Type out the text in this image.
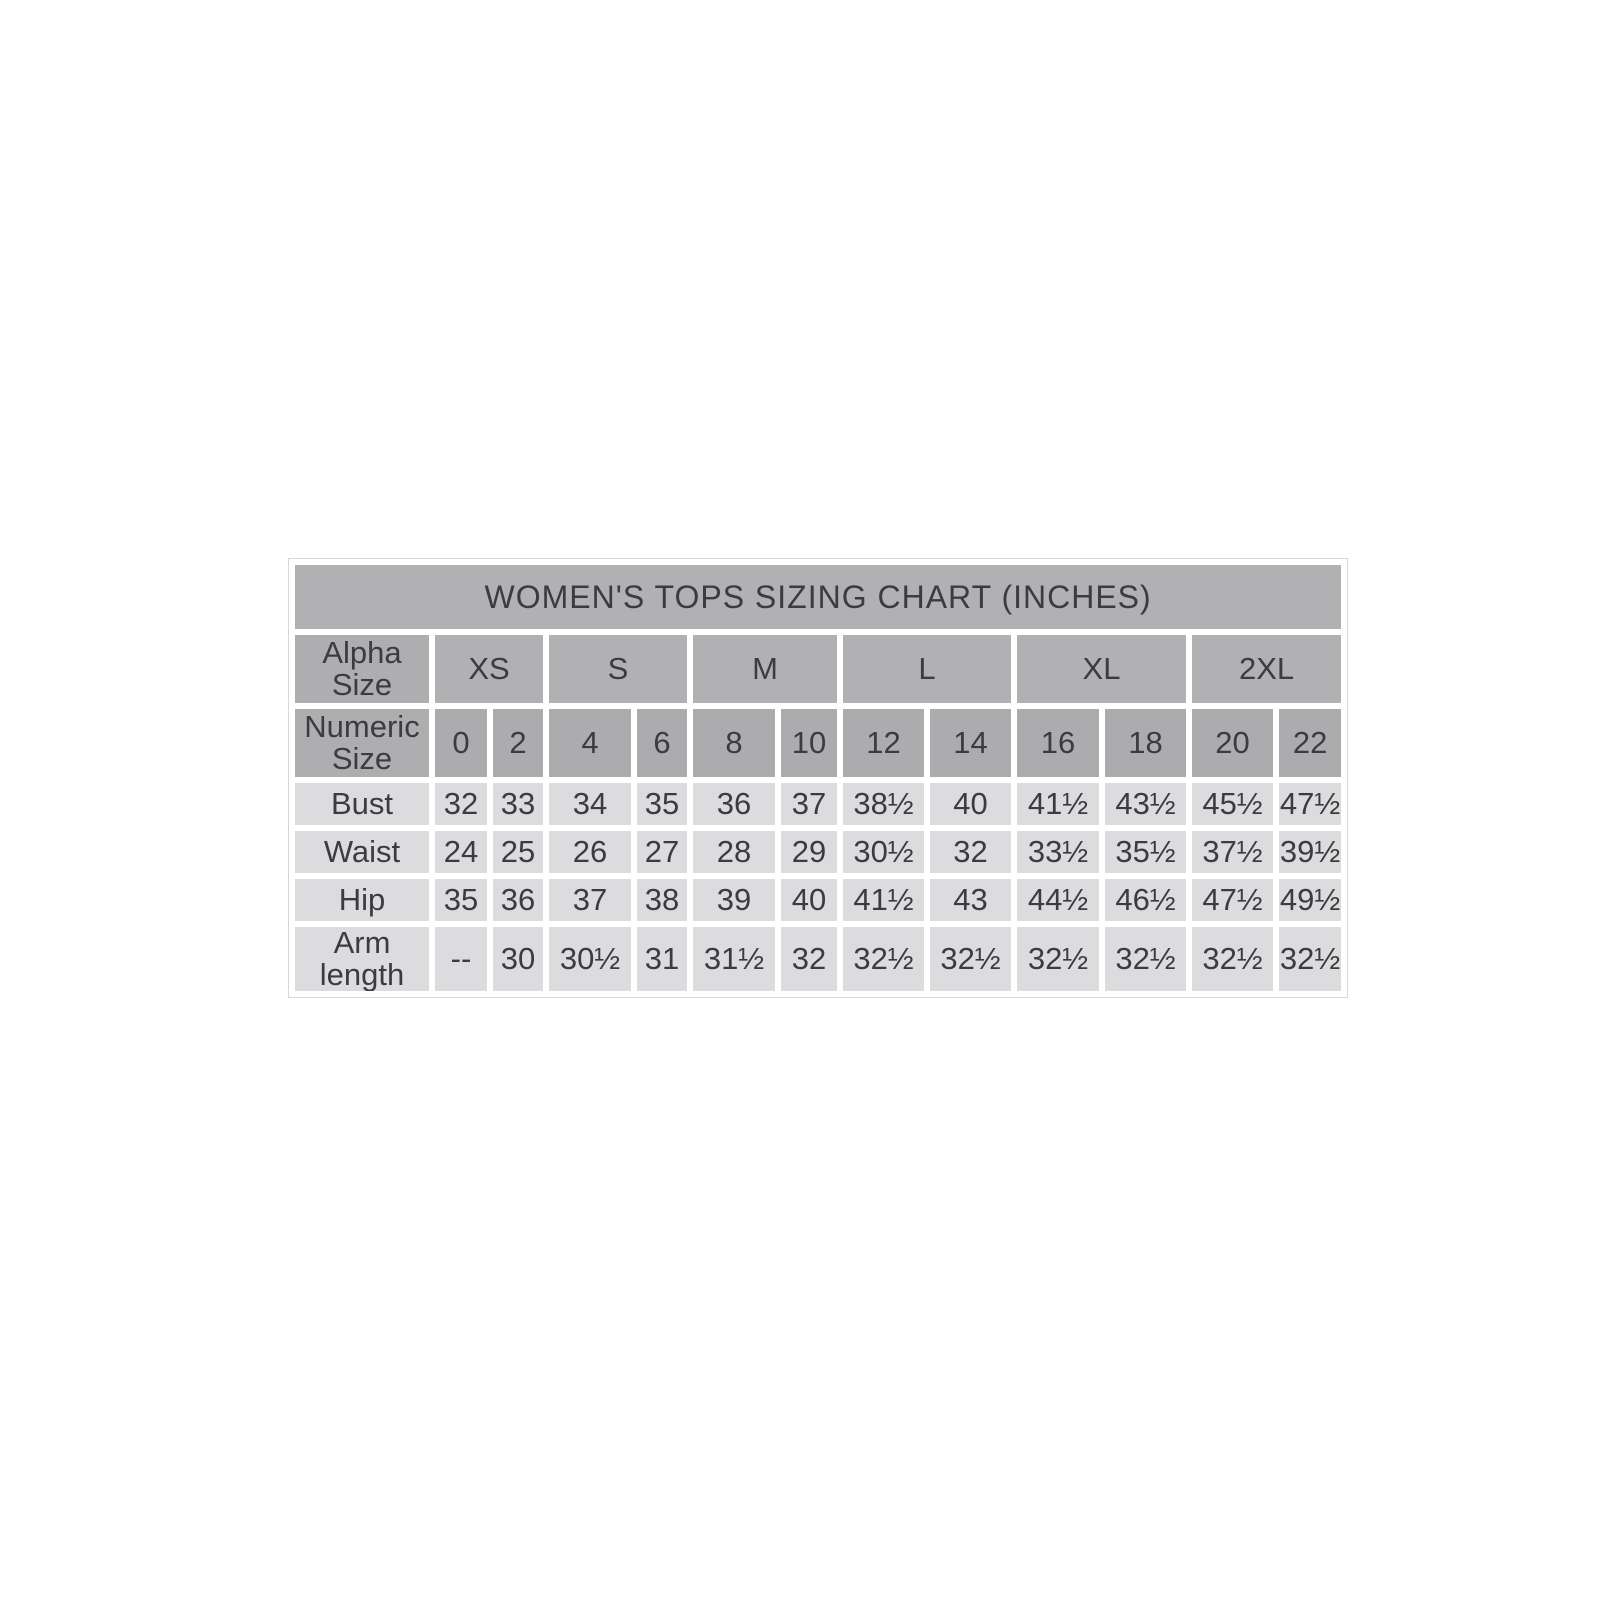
WOMEN'S TOPS SIZING CHART (INCHES)												
Alpha Size	XS		S		M		L		XL		2XL	
Numeric Size	0	2	4	6	8	10	12	14	16	18	20	22
Bust	32	33	34	35	36	37	38½	40	41½	43½	45½	47½
Waist	24	25	26	27	28	29	30½	32	33½	35½	37½	39½
Hip	35	36	37	38	39	40	41½	43	44½	46½	47½	49½
Arm length	--	30	30½	31	31½	32	32½	32½	32½	32½	32½	32½
